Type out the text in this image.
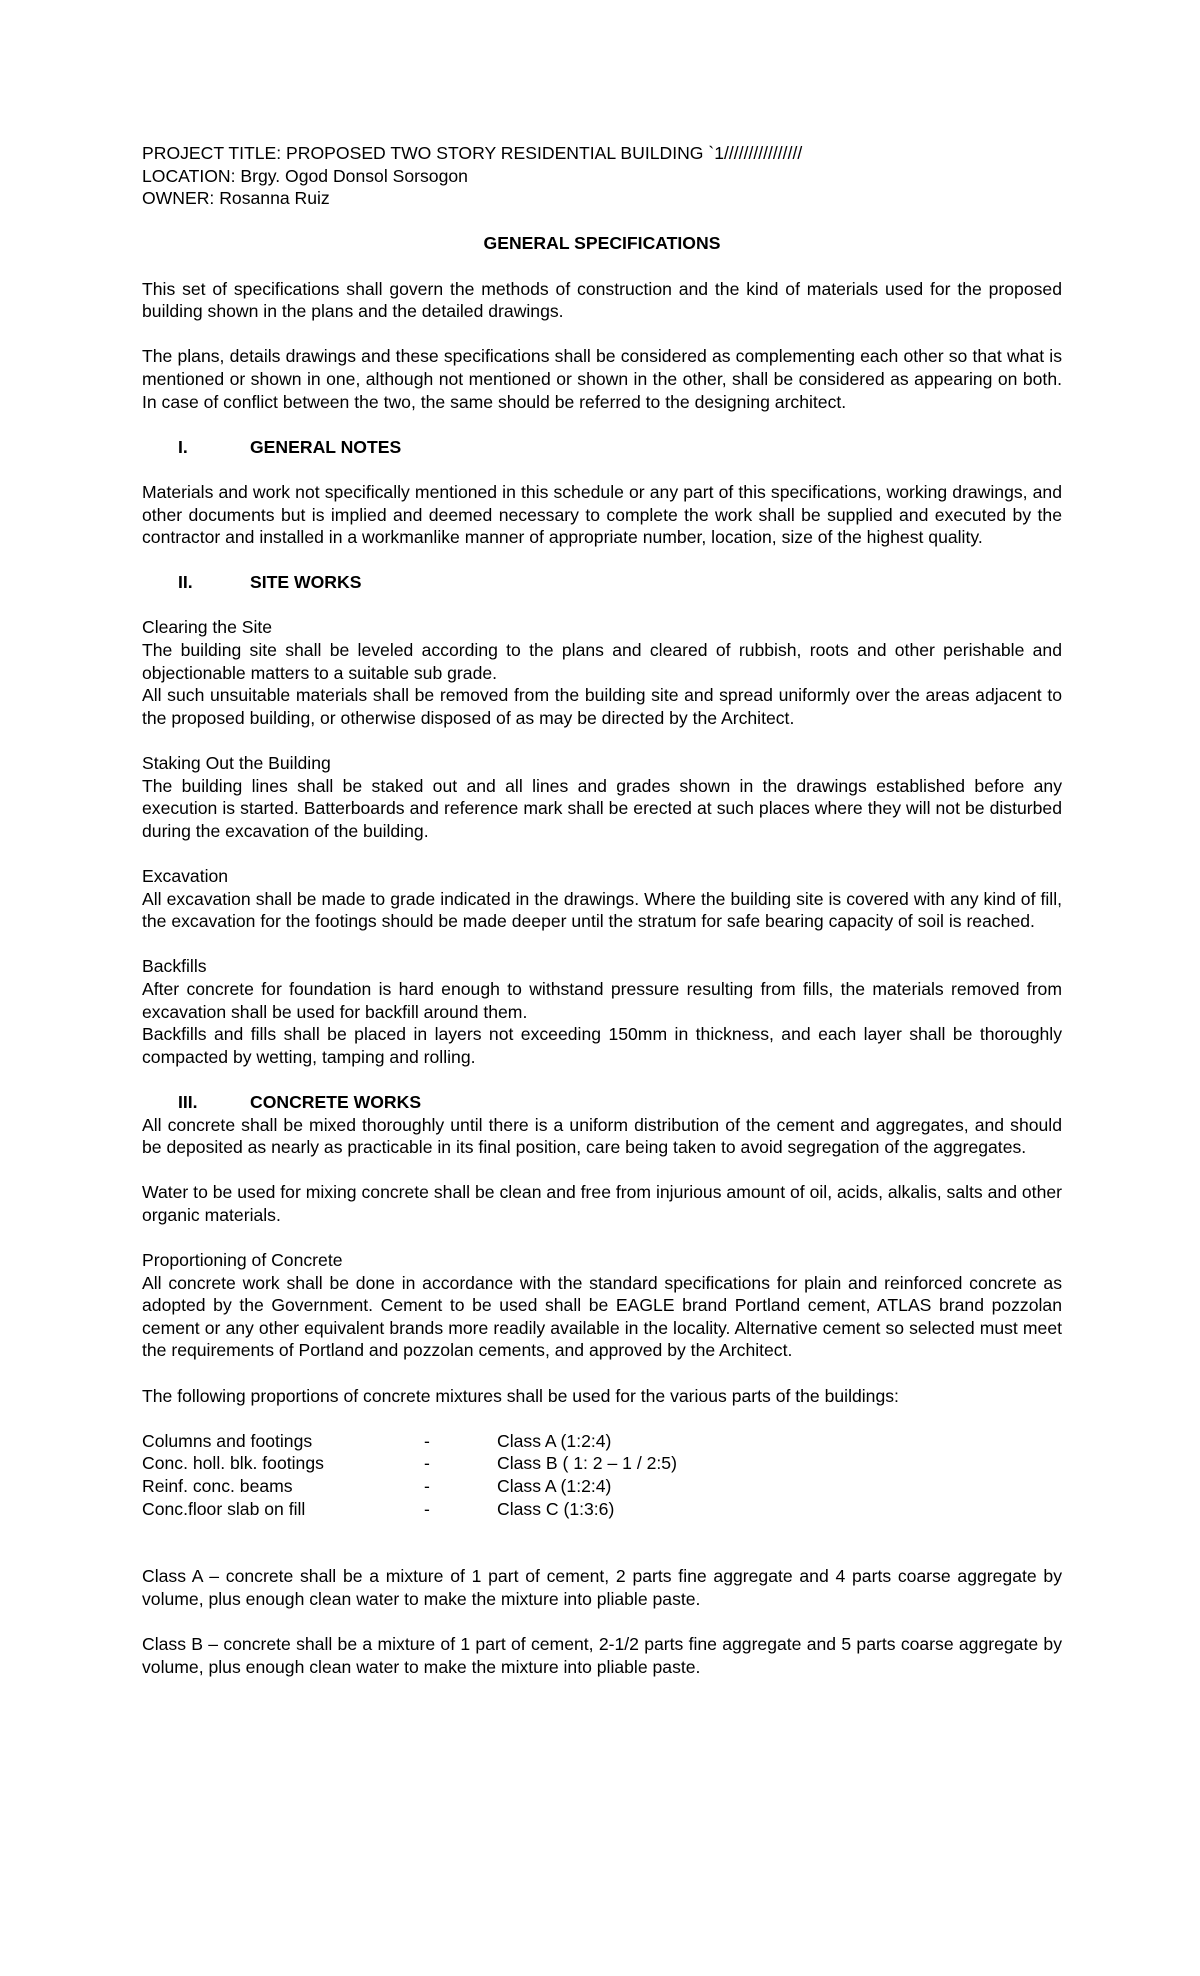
PROJECT TITLE: PROPOSED TWO STORY RESIDENTIAL BUILDING `1////////////////

LOCATION: Brgy. Ogod Donsol Sorsogon

OWNER: Rosanna Ruiz

GENERAL SPECIFICATIONS

This set of specifications shall govern the methods of construction and the kind of materials used for the proposed building shown in the plans and the detailed drawings.

The plans, details drawings and these specifications shall be considered as complementing each other so that what is mentioned or shown in one, although not mentioned or shown in the other, shall be considered as appearing on both. In case of conflict between the two, the same should be referred to the designing architect.

I.	GENERAL NOTES

Materials and work not specifically mentioned in this schedule or any part of this specifications, working drawings, and other documents but is implied and deemed necessary to complete the work shall be supplied and executed by the contractor and installed in a workmanlike manner of appropriate number, location, size of the highest quality.

II.	SITE WORKS

Clearing the Site

The building site shall be leveled according to the plans and cleared of rubbish, roots and other perishable and objectionable matters to a suitable sub grade.

All such unsuitable materials shall be removed from the building site and spread uniformly over the areas adjacent to the proposed building, or otherwise disposed of as may be directed by the Architect.

Staking Out the Building

The building lines shall be staked out and all lines and grades shown in the drawings established before any execution is started. Batterboards and reference mark shall be erected at such places where they will not be disturbed during the excavation of the building.

Excavation

All excavation shall be made to grade indicated in the drawings. Where the building site is covered with any kind of fill, the excavation for the footings should be made deeper until the stratum for safe bearing capacity of soil is reached.

Backfills

After concrete for foundation is hard enough to withstand pressure resulting from fills, the materials removed from excavation shall be used for backfill around them.

Backfills and fills shall be placed in layers not exceeding 150mm in thickness, and each layer shall be thoroughly compacted by wetting, tamping and rolling.

III.	CONCRETE WORKS

All concrete shall be mixed thoroughly until there is a uniform distribution of the cement and aggregates, and should be deposited as nearly as practicable in its final position, care being taken to avoid segregation of the aggregates.

Water to be used for mixing concrete shall be clean and free from injurious amount of oil, acids, alkalis, salts and other organic materials.

Proportioning of Concrete

All concrete work shall be done in accordance with the standard specifications for plain and reinforced concrete as adopted by the Government. Cement to be used shall be EAGLE brand Portland cement, ATLAS brand pozzolan cement or any other equivalent brands more readily available in the locality. Alternative cement so selected must meet the requirements of Portland and pozzolan cements, and approved by the Architect.

The following proportions of concrete mixtures shall be used for the various parts of the buildings:

Columns and footings	-	Class A (1:2:4)
Conc. holl. blk. footings	-	Class B ( 1: 2 – 1 / 2:5)
Reinf. conc. beams	-	Class A (1:2:4)
Conc.floor slab on fill	-	Class C (1:3:6)

Class A – concrete shall be a mixture of 1 part of cement, 2 parts fine aggregate and 4 parts coarse aggregate by volume, plus enough clean water to make the mixture into pliable paste.

Class B – concrete shall be a mixture of 1 part of cement, 2-1/2 parts fine aggregate and 5 parts coarse aggregate by volume, plus enough clean water to make the mixture into pliable paste.
